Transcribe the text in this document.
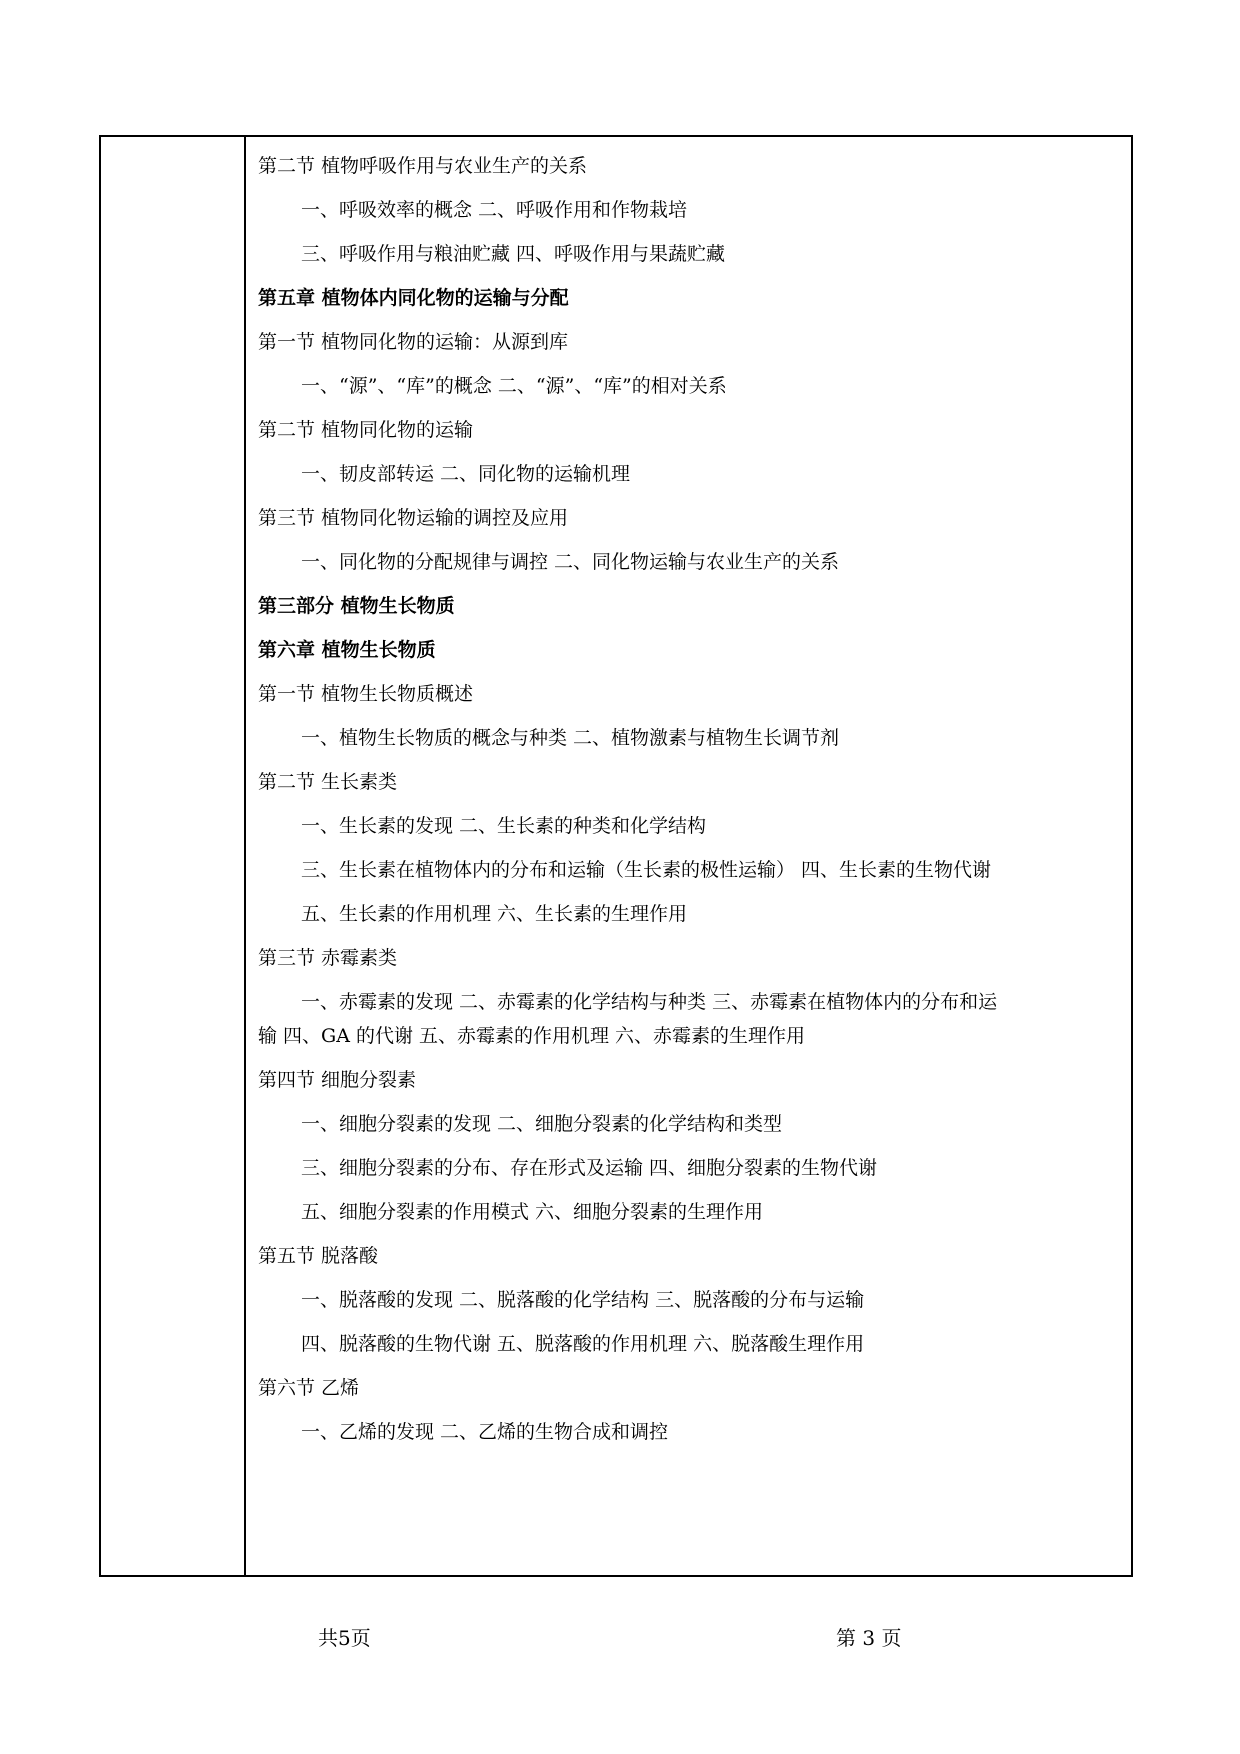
第二节 植物呼吸作用与农业生产的关系
一、呼吸效率的概念 二、呼吸作用和作物栽培
三、呼吸作用与粮油贮藏 四、呼吸作用与果蔬贮藏
第五章 植物体内同化物的运输与分配
第一节 植物同化物的运输：从源到库
一、“源”、“库”的概念 二、“源”、“库”的相对关系
第二节 植物同化物的运输
一、韧皮部转运 二、同化物的运输机理
第三节 植物同化物运输的调控及应用
一、同化物的分配规律与调控 二、同化物运输与农业生产的关系
第三部分 植物生长物质
第六章 植物生长物质
第一节 植物生长物质概述
一、植物生长物质的概念与种类 二、植物激素与植物生长调节剂
第二节 生长素类
一、生长素的发现 二、生长素的种类和化学结构
三、生长素在植物体内的分布和运输（生长素的极性运输） 四、生长素的生物代谢
五、生长素的作用机理 六、生长素的生理作用
第三节 赤霉素类
一、赤霉素的发现 二、赤霉素的化学结构与种类 三、赤霉素在植物体内的分布和运
输 四、GA 的代谢 五、赤霉素的作用机理 六、赤霉素的生理作用
第四节 细胞分裂素
一、细胞分裂素的发现 二、细胞分裂素的化学结构和类型
三、细胞分裂素的分布、存在形式及运输 四、细胞分裂素的生物代谢
五、细胞分裂素的作用模式 六、细胞分裂素的生理作用
第五节 脱落酸
一、脱落酸的发现 二、脱落酸的化学结构 三、脱落酸的分布与运输
四、脱落酸的生物代谢 五、脱落酸的作用机理 六、脱落酸生理作用
第六节 乙烯
一、乙烯的发现 二、乙烯的生物合成和调控
共5页	第 3 页
